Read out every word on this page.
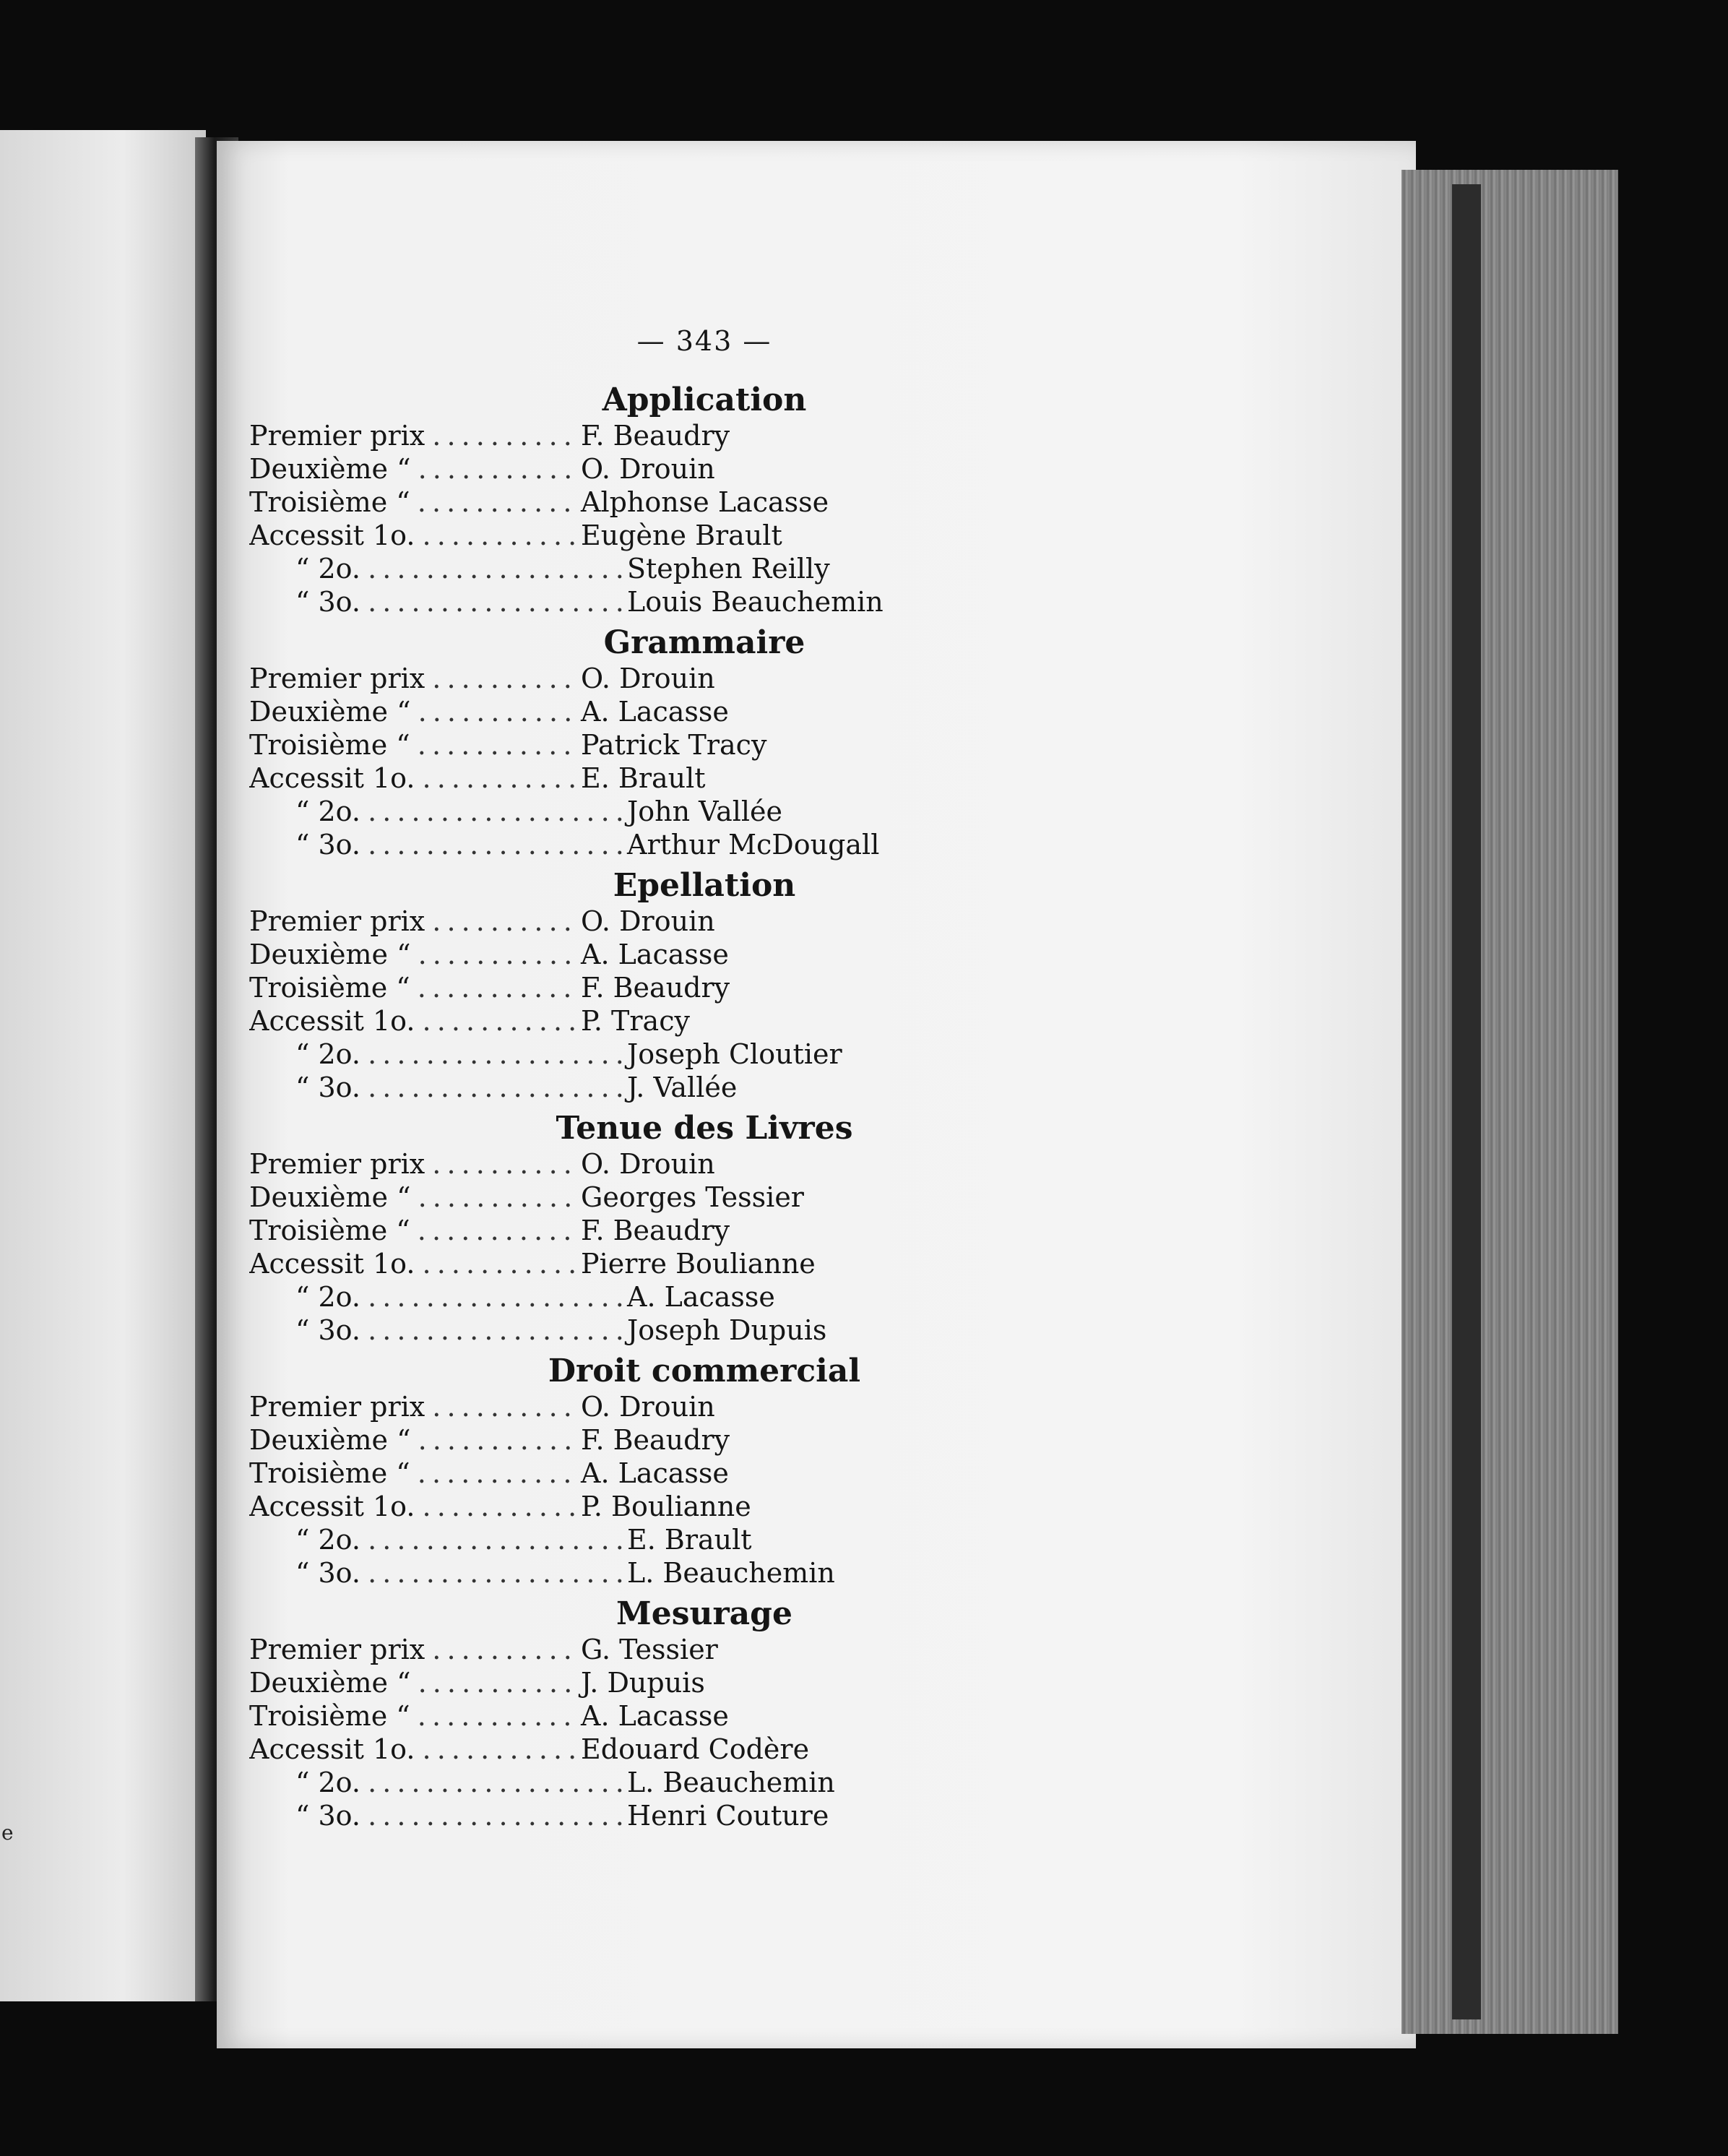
e
— 343 —
Application
Premier prix . . .	F. Beaudry
Deuxième “ . . .	O. Drouin
Troisième “ . . .	Alphonse Lacasse
Accessit 1o. . . .	Eugène Brault
“ 2o. . . .	Stephen Reilly
“ 3o. . . .	Louis Beauchemin
Grammaire
Premier prix . . .	O. Drouin
Deuxième “ . . .	A. Lacasse
Troisième “ . . .	Patrick Tracy
Accessit 1o. . . .	E. Brault
“ 2o. . . .	John Vallée
“ 3o. . . .	Arthur McDougall
Epellation
Premier prix . . .	O. Drouin
Deuxième “ . . .	A. Lacasse
Troisième “ . . .	F. Beaudry
Accessit 1o. . . .	P. Tracy
“ 2o. . . .	Joseph Cloutier
“ 3o. . . .	J. Vallée
Tenue des Livres
Premier prix . . .	O. Drouin
Deuxième “ . . .	Georges Tessier
Troisième “ . . .	F. Beaudry
Accessit 1o. . . .	Pierre Boulianne
“ 2o. . . .	A. Lacasse
“ 3o. . . .	Joseph Dupuis
Droit commercial
Premier prix . . .	O. Drouin
Deuxième “ . . .	F. Beaudry
Troisième “ . . .	A. Lacasse
Accessit 1o. . . .	P. Boulianne
“ 2o. . . .	E. Brault
“ 3o. . . .	L. Beauchemin
Mesurage
Premier prix . . .	G. Tessier
Deuxième “ . . .	J. Dupuis
Troisième “ . . .	A. Lacasse
Accessit 1o. . . .	Edouard Codère
“ 2o. . . .	L. Beauchemin
“ 3o. . . .	Henri Couture
